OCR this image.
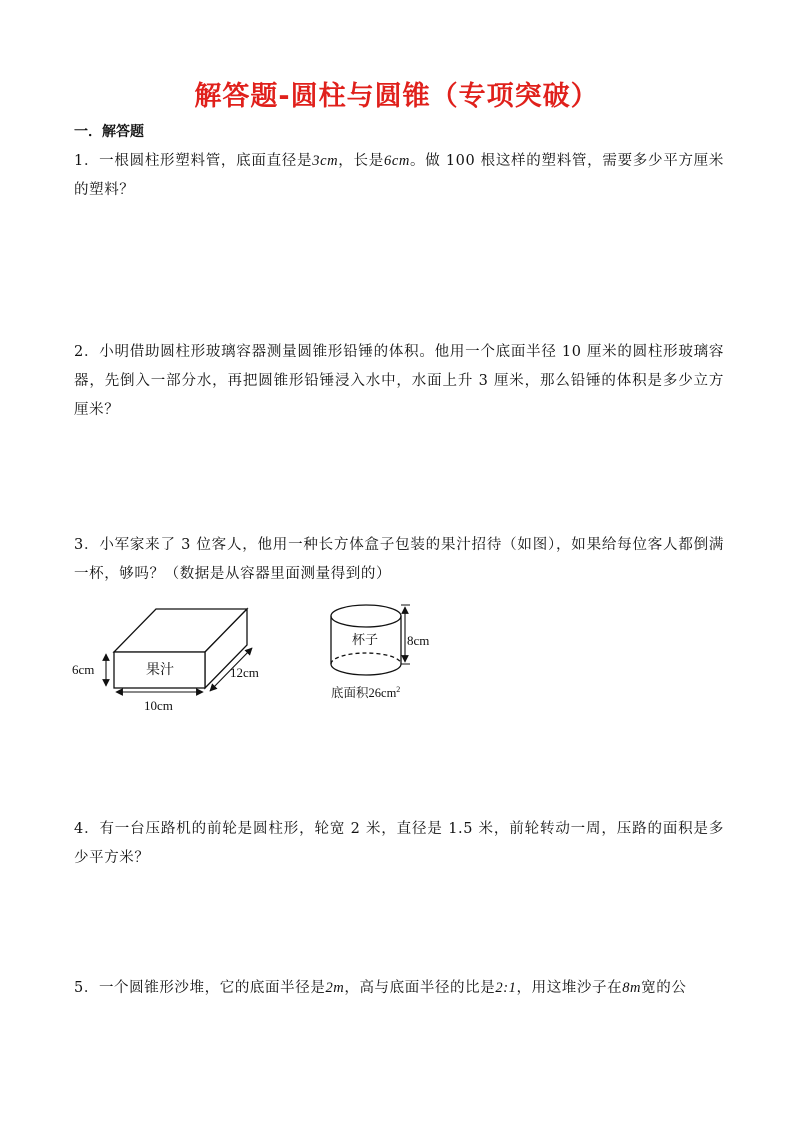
解答题-圆柱与圆锥（专项突破）
一．解答题
1．一根圆柱形塑料管，底面直径是3cm，长是6cm。做 100 根这样的塑料管，需要多少平方厘米的塑料？
2．小明借助圆柱形玻璃容器测量圆锥形铅锤的体积。他用一个底面半径 10 厘米的圆柱形玻璃容器，先倒入一部分水，再把圆锥形铅锤浸入水中，水面上升 3 厘米，那么铅锤的体积是多少立方厘米？
3．小军家来了 3 位客人，他用一种长方体盒子包装的果汁招待（如图），如果给每位客人都倒满一杯，够吗？（数据是从容器里面测量得到的）
果汁
6cm
10cm
12cm
杯子 8cm
底面积$26cm^2$
4．有一台压路机的前轮是圆柱形，轮宽 2 米，直径是 1.5 米，前轮转动一周，压路的面积是多少平方米？
5．一个圆锥形沙堆，它的底面半径是2m，高与底面半径的比是2:1，用这堆沙子在8m宽的公
